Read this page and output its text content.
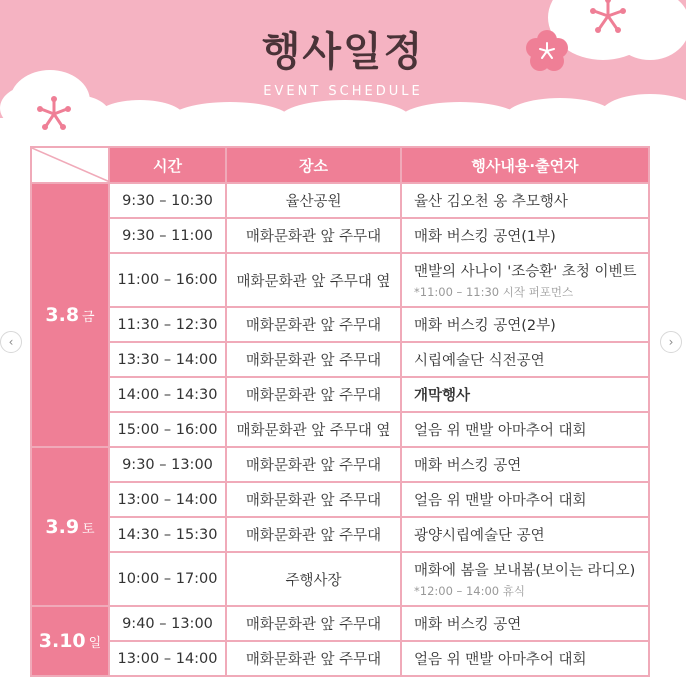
행사일정
EVENT SCHEDULE
‹	›
	시간	장소	행사내용·출연자
3.8 금	9:30 – 10:30	율산공원	율산 김오천 옹 추모행사
	9:30 – 11:00	매화문화관 앞 주무대	매화 버스킹 공연(1부)
	11:00 – 16:00	매화문화관 앞 주무대 옆	맨발의 사나이 '조승환' 초청 이벤트
*11:00 – 11:30 시작 퍼포먼스

	11:30 – 12:30	매화문화관 앞 주무대	매화 버스킹 공연(2부)
	13:30 – 14:00	매화문화관 앞 주무대	시립예술단 식전공연
	14:00 – 14:30	매화문화관 앞 주무대	개막행사
	15:00 – 16:00	매화문화관 앞 주무대 옆	얼음 위 맨발 아마추어 대회
3.9 토	9:30 – 13:00	매화문화관 앞 주무대	매화 버스킹 공연
	13:00 – 14:00	매화문화관 앞 주무대	얼음 위 맨발 아마추어 대회
	14:30 – 15:30	매화문화관 앞 주무대	광양시립예술단 공연
	10:00 – 17:00	주행사장	매화에 봄을 보내봄(보이는 라디오)
*12:00 – 14:00 휴식

3.10 일	9:40 – 13:00	매화문화관 앞 주무대	매화 버스킹 공연
	13:00 – 14:00	매화문화관 앞 주무대	얼음 위 맨발 아마추어 대회
